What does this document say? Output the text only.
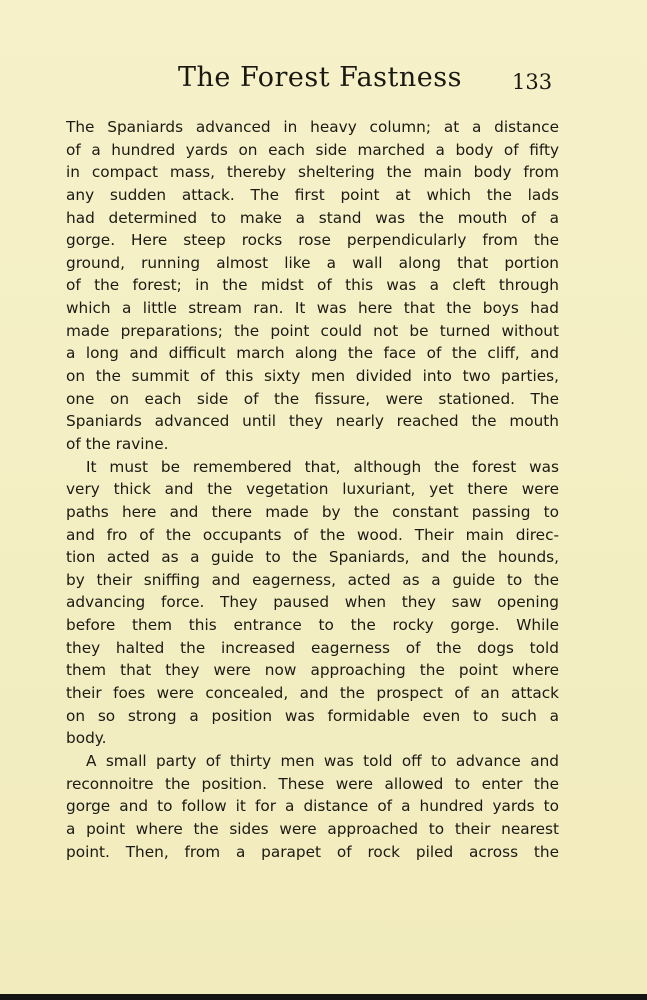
The Forest Fastness 133
The Spaniards advanced in heavy column; at a distance
of a hundred yards on each side marched a body of fifty
in compact mass, thereby sheltering the main body from
any sudden attack. The first point at which the lads
had determined to make a stand was the mouth of a
gorge. Here steep rocks rose perpendicularly from the
ground, running almost like a wall along that portion
of the forest; in the midst of this was a cleft through
which a little stream ran. It was here that the boys had
made preparations; the point could not be turned without
a long and difficult march along the face of the cliff, and
on the summit of this sixty men divided into two parties,
one on each side of the fissure, were stationed. The
Spaniards advanced until they nearly reached the mouth
of the ravine.
It must be remembered that, although the forest was
very thick and the vegetation luxuriant, yet there were
paths here and there made by the constant passing to
and fro of the occupants of the wood. Their main direc-
tion acted as a guide to the Spaniards, and the hounds,
by their sniffing and eagerness, acted as a guide to the
advancing force. They paused when they saw opening
before them this entrance to the rocky gorge. While
they halted the increased eagerness of the dogs told
them that they were now approaching the point where
their foes were concealed, and the prospect of an attack
on so strong a position was formidable even to such a
body.
A small party of thirty men was told off to advance and
reconnoitre the position. These were allowed to enter the
gorge and to follow it for a distance of a hundred yards to
a point where the sides were approached to their nearest
point. Then, from a parapet of rock piled across the
